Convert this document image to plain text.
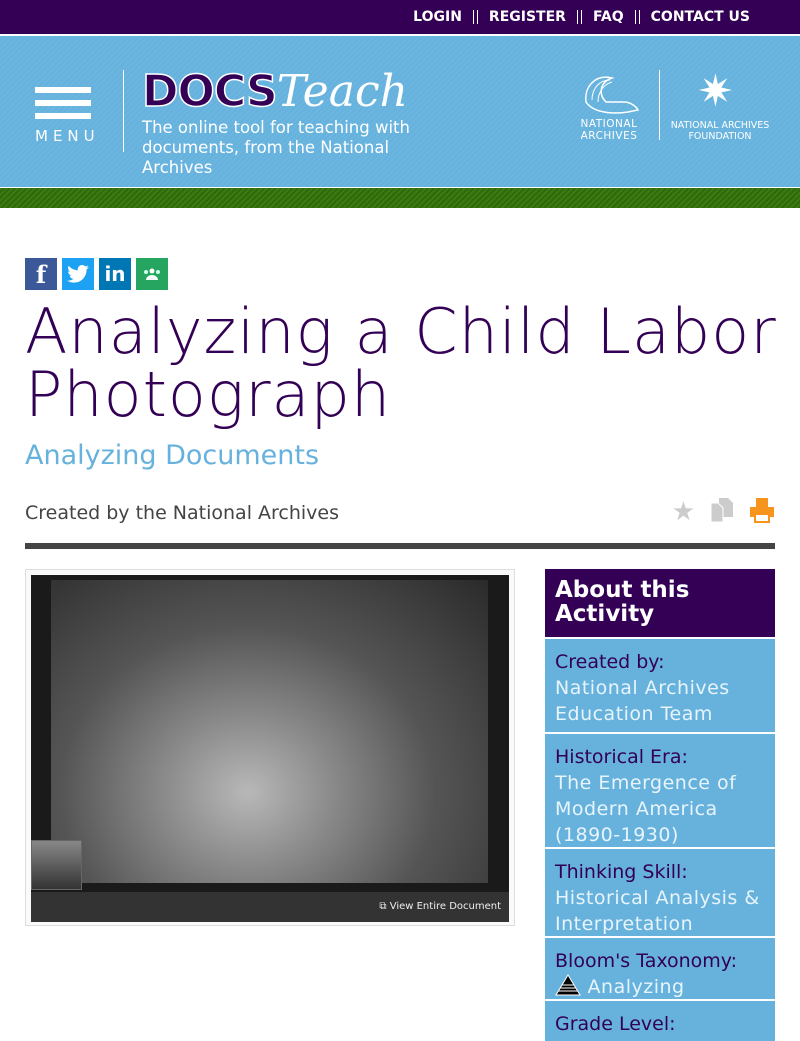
LOGIN REGISTER FAQ CONTACT US
MENU
DOCSTeach
The online tool for teaching with documents, from the National Archives
NATIONAL ARCHIVES
✷
NATIONAL ARCHIVES FOUNDATION
f	in
Analyzing a Child Labor Photograph
Analyzing Documents
Created by the National Archives	★
⧉ View Entire Document
About this Activity
Created by:
National Archives Education Team
Historical Era:
The Emergence of Modern America (1890-1930)
Thinking Skill:
Historical Analysis & Interpretation
Bloom's Taxonomy:
Analyzing
Grade Level:
